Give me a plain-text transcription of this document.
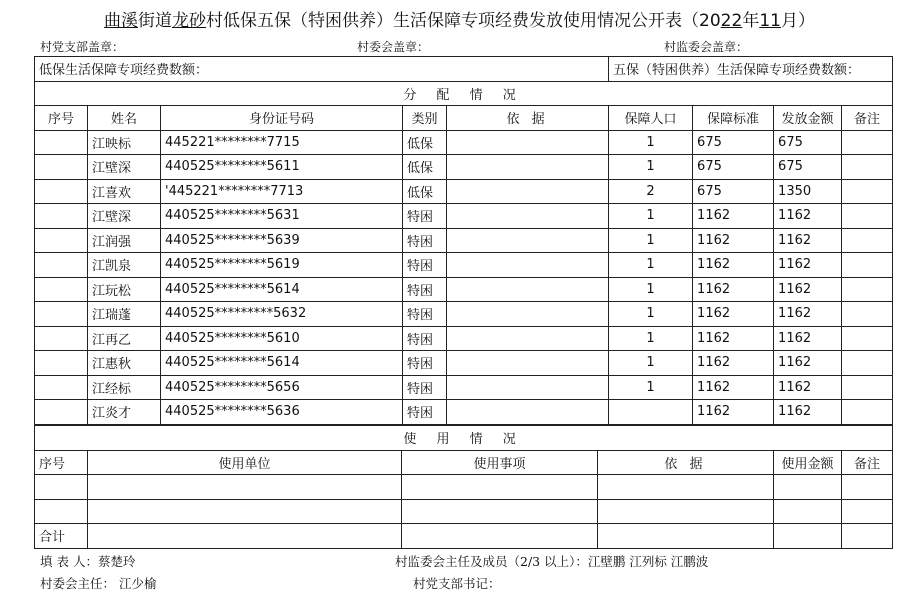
曲溪街道龙砂村低保五保（特困供养）生活保障专项经费发放使用情况公开表（2022年11月）
村党支部盖章：	村委会盖章：	村监委会盖章：
低保生活保障专项经费数额：					五保（特困供养）生活保障专项经费数额：			
分 配 情 况								
序号	姓名	身份证号码	类别	依 据	保障人口	保障标准	发放金额	备注
	江映标	445221********7715	低保		1	675	675	
	江壁深	440525********5611	低保		1	675	675	
	江喜欢	'445221********7713	低保		2	675	1350	
	江壁深	440525********5631	特困		1	1162	1162	
	江润强	440525********5639	特困		1	1162	1162	
	江凯泉	440525********5619	特困		1	1162	1162	
	江玩松	440525********5614	特困		1	1162	1162	
	江瑞蓬	440525*********5632	特困		1	1162	1162	
	江再乙	440525********5610	特困		1	1162	1162	
	江惠秋	440525********5614	特困		1	1162	1162	
	江经标	440525********5656	特困		1	1162	1162	
	江炎才	440525********5636	特困			1162	1162	
使 用 情 况					
序号	使用单位	使用事项	依 据	使用金额	备注

合计					
填 表 人：蔡楚玲	村监委会主任及成员（2/3 以上）：江壁鹏 江列标 江鹏波
村委会主任： 江少榆	村党支部书记：
